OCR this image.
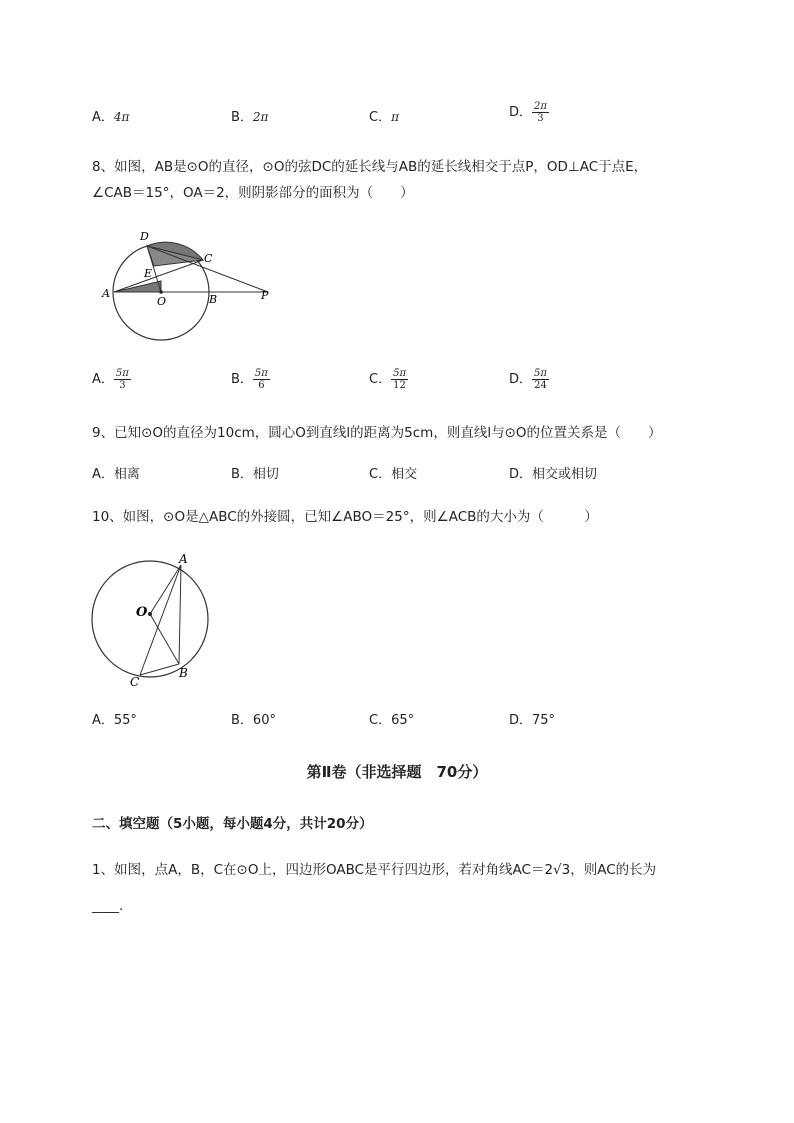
A．4π	B．2π	C．π	D． $\frac{2\pi}{3}$
8、如图，AB是⊙O的直径，⊙O的弦DC的延长线与AB的延长线相交于点P，OD⊥AC于点E，
∠CAB＝15°，OA＝2，则阴影部分的面积为（　　）
D
C
E
A
O	B	P
A． $\frac{5\pi}{3}$	B． $\frac{5\pi}{6}$	C． $\frac{5\pi}{12}$	D． $\frac{5\pi}{24}$
9、已知⊙O的直径为10cm，圆心O到直线l的距离为5cm，则直线l与⊙O的位置关系是（　　）
A．相离	B．相切	C．相交	D．相交或相切
10、如图，⊙O是△ABC的外接圆，已知∠ABO＝25°，则∠ACB的大小为（　　　）
A
O
B
C
A．55°	B．60°	C．65°	D．75°
第Ⅱ卷（非选择题　70分）
二、填空题（5小题，每小题4分，共计20分）
1、如图，点A，B，C在⊙O上，四边形OABC是平行四边形，若对角线AC＝2√3，则AC的长为
____.
